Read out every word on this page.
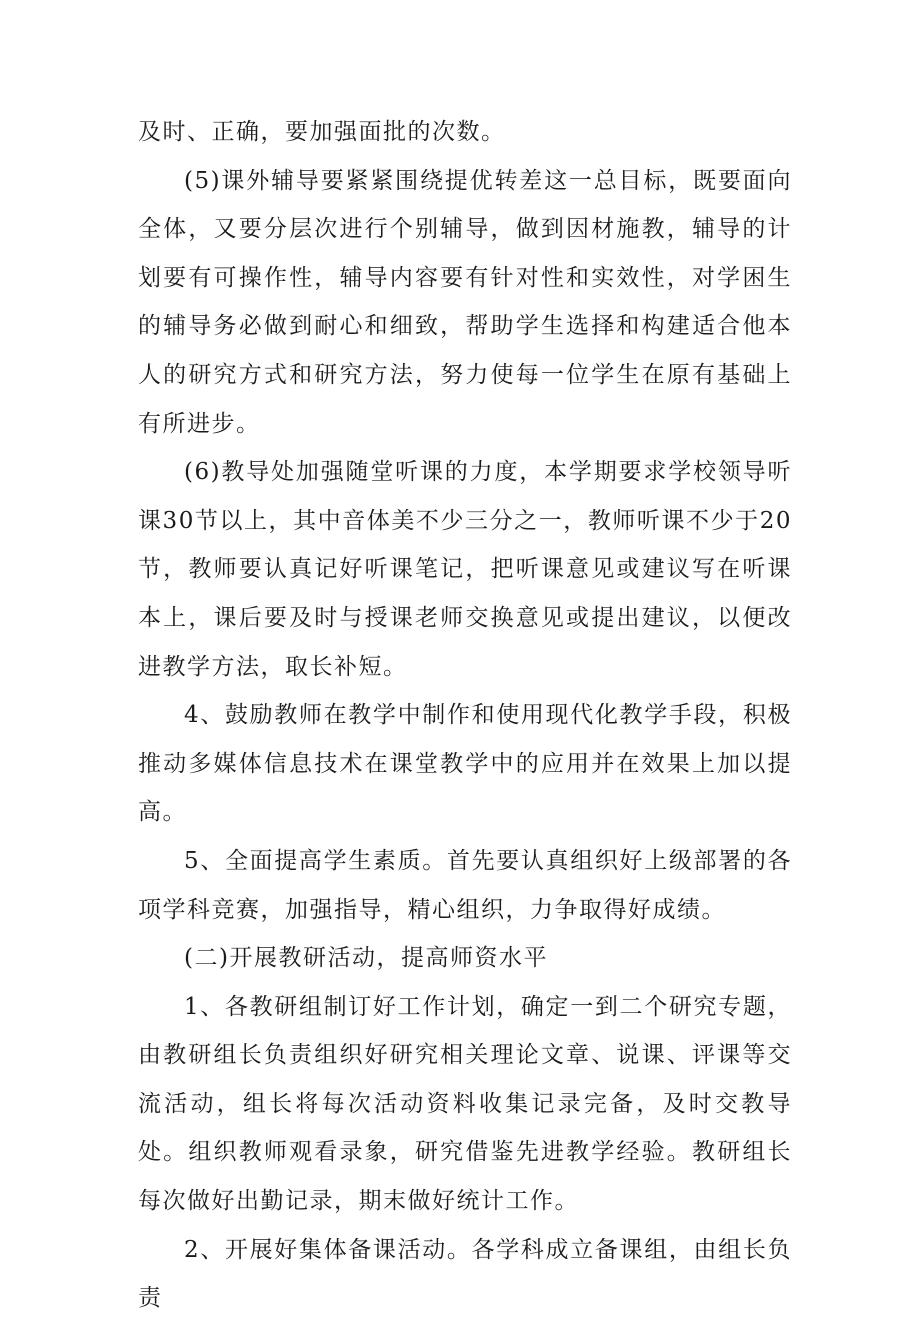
及时、正确，要加强面批的次数。

(5)课外辅导要紧紧围绕提优转差这一总目标，既要面向全体，又要分层次进行个别辅导，做到因材施教，辅导的计划要有可操作性，辅导内容要有针对性和实效性，对学困生的辅导务必做到耐心和细致，帮助学生选择和构建适合他本人的研究方式和研究方法，努力使每一位学生在原有基础上有所进步。

(6)教导处加强随堂听课的力度，本学期要求学校领导听课30节以上，其中音体美不少三分之一，教师听课不少于20节，教师要认真记好听课笔记，把听课意见或建议写在听课本上，课后要及时与授课老师交换意见或提出建议，以便改进教学方法，取长补短。

4、鼓励教师在教学中制作和使用现代化教学手段，积极推动多媒体信息技术在课堂教学中的应用并在效果上加以提高。

5、全面提高学生素质。首先要认真组织好上级部署的各项学科竞赛，加强指导，精心组织，力争取得好成绩。

(二)开展教研活动，提高师资水平

1、各教研组制订好工作计划，确定一到二个研究专题，由教研组长负责组织好研究相关理论文章、说课、评课等交流活动，组长将每次活动资料收集记录完备，及时交教导处。组织教师观看录象，研究借鉴先进教学经验。教研组长每次做好出勤记录，期末做好统计工作。

2、开展好集体备课活动。各学科成立备课组，由组长负责
